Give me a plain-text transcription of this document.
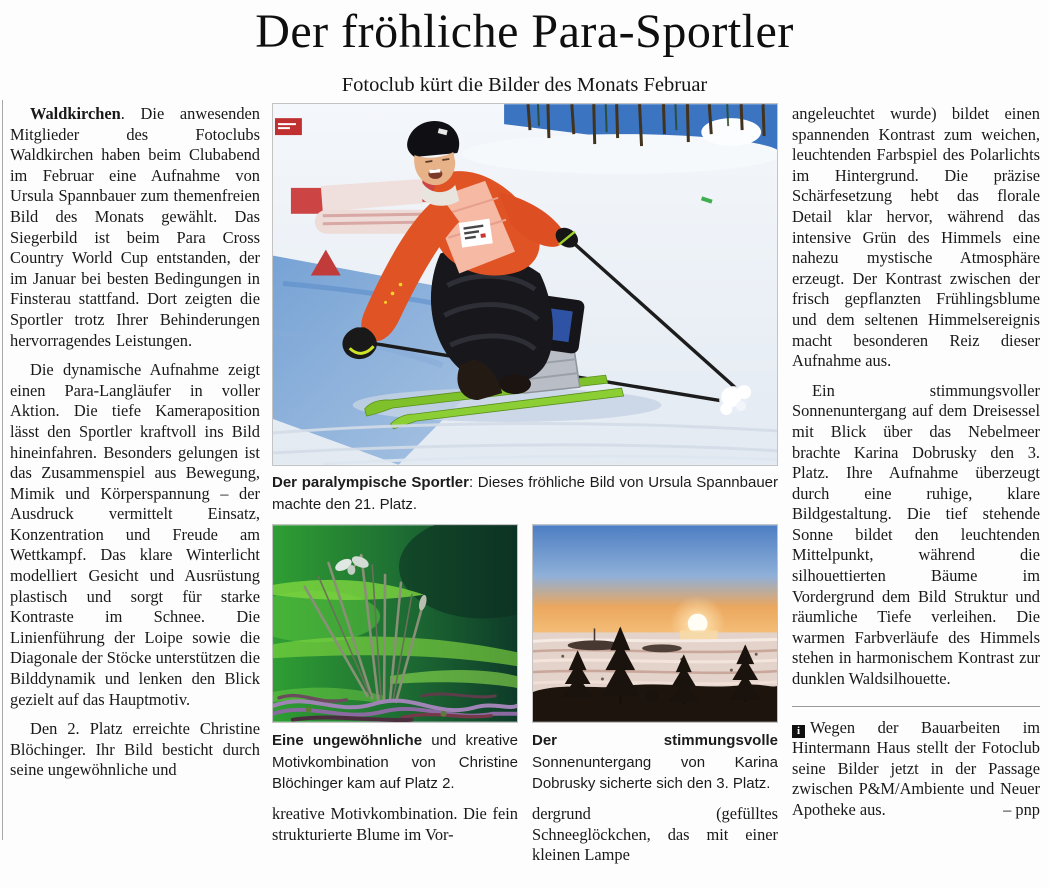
Der fröhliche Para-Sportler
Fotoclub kürt die Bilder des Monats Februar

Waldkirchen. Die anwesenden Mitglieder des Fotoclubs Waldkirchen haben beim Clubabend im Februar eine Aufnahme von Ursula Spannbauer zum themenfreien Bild des Monats gewählt. Das Siegerbild ist beim Para Cross Country World Cup entstanden, der im Januar bei besten Bedingungen in Finsterau stattfand. Dort zeigten die Sportler trotz Ihrer Behinderungen hervorragendes Leistungen.

Die dynamische Aufnahme zeigt einen Para-Langläufer in voller Aktion. Die tiefe Kameraposition lässt den Sportler kraftvoll ins Bild hineinfahren. Besonders gelungen ist das Zusammenspiel aus Bewegung, Mimik und Körperspannung – der Ausdruck vermittelt Einsatz, Konzentration und Freude am Wettkampf. Das klare Winterlicht modelliert Gesicht und Ausrüstung plastisch und sorgt für starke Kontraste im Schnee. Die Linienführung der Loipe sowie die Diagonale der Stöcke unterstützen die Bilddynamik und lenken den Blick gezielt auf das Hauptmotiv.

Den 2. Platz erreichte Christine Blöchinger. Ihr Bild besticht durch seine ungewöhnliche und

Der paralympische Sportler: Dieses fröhliche Bild von Ursula Spannbauer machte den 21. Platz.
Eine ungewöhnliche und kreative Motivkombination von Christine Blöchinger kam auf Platz 2.
Der stimmungsvolle Sonnenuntergang von Karina Dobrusky sicherte sich den 3. Platz.
kreative Motivkombination. Die fein strukturierte Blume im Vor-
dergrund (gefülltes Schneeglöckchen, das mit einer kleinen Lampe

angeleuchtet wurde) bildet einen spannenden Kontrast zum weichen, leuchtenden Farbspiel des Polarlichts im Hintergrund. Die präzise Schärfesetzung hebt das florale Detail klar hervor, während das intensive Grün des Himmels eine nahezu mystische Atmosphäre erzeugt. Der Kontrast zwischen der frisch gepflanzten Frühlingsblume und dem seltenen Himmelsereignis macht besonderen Reiz dieser Aufnahme aus.

Ein stimmungsvoller Sonnenuntergang auf dem Dreisessel mit Blick über das Nebelmeer brachte Karina Dobrusky den 3. Platz. Ihre Aufnahme überzeugt durch eine ruhige, klare Bildgestaltung. Die tief stehende Sonne bildet den leuchtenden Mittelpunkt, während die silhouettierten Bäume im Vordergrund dem Bild Struktur und räumliche Tiefe verleihen. Die warmen Farbverläufe des Himmels stehen in harmonischem Kontrast zur dunklen Waldsilhouette.

i Wegen der Bauarbeiten im Hintermann Haus stellt der Fotoclub seine Bilder jetzt in der Passage zwischen P&M/Ambiente und Neuer Apotheke aus.	– pnp
